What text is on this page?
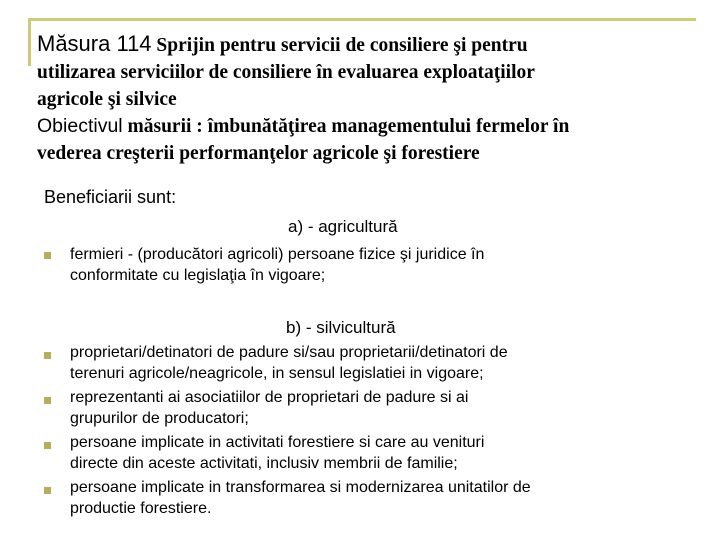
Măsura 114 Sprijin pentru servicii de consiliere şi pentru
utilizarea serviciilor de consiliere în evaluarea exploataţiilor
agricole şi silvice
Obiectivul măsurii : îmbunătăţirea managementului fermelor în
vederea creşterii performanţelor agricole şi forestiere
Beneficiarii sunt:
a) - agricultură
fermieri - (producători agricoli) persoane fizice şi juridice în
conformitate cu legislaţia în vigoare;
b) - silvicultură
proprietari/detinatori de padure si/sau proprietarii/detinatori de
terenuri agricole/neagricole, in sensul legislatiei in vigoare;
reprezentanti ai asociatiilor de proprietari de padure si ai
grupurilor de producatori;
persoane implicate in activitati forestiere si care au venituri
directe din aceste activitati, inclusiv membrii de familie;
persoane implicate in transformarea si modernizarea unitatilor de
productie forestiere.
